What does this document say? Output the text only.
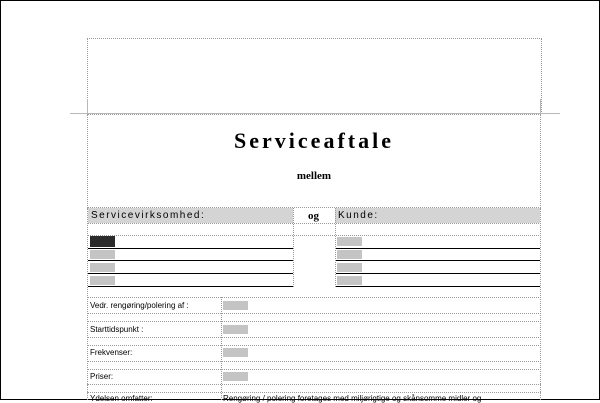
Serviceaftale
mellem
Servicevirksomhed:	og Kunde:
Vedr. rengøring/polering af :
Starttidspunkt :
Frekvenser:
Priser:
Ydelsen omfatter:	Rengøring / polering foretages med miljørigtige og skånsomme midler og
